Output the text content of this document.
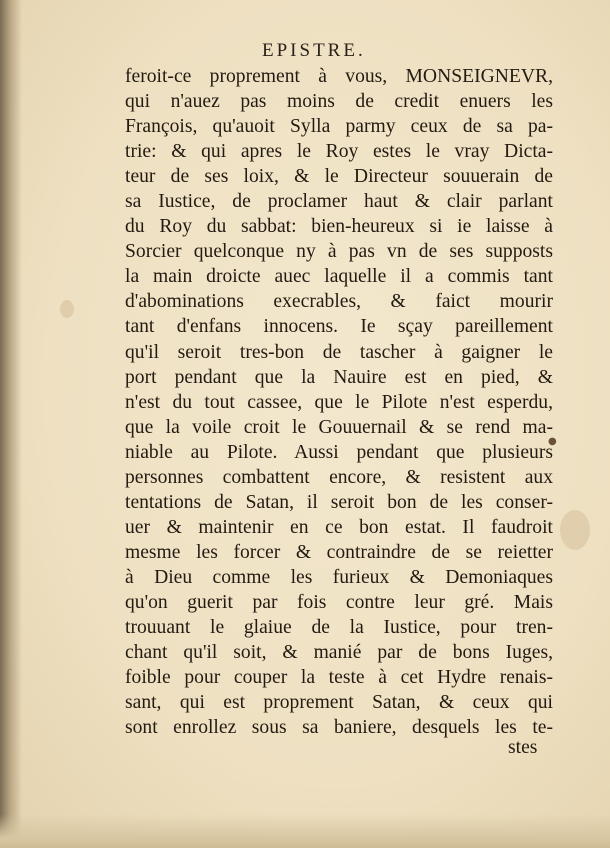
EPISTRE.
feroit-ce proprement à vous, MONSEIGNEVR,
qui n'auez pas moins de credit enuers les
François, qu'auoit Sylla parmy ceux de sa pa-
trie: & qui apres le Roy estes le vray Dicta-
teur de ses loix, & le Directeur souuerain de
sa Iustice, de proclamer haut & clair parlant
du Roy du sabbat: bien-heureux si ie laisse à
Sorcier quelconque ny à pas vn de ses supposts
la main droicte auec laquelle il a commis tant
d'abominations execrables, & faict mourir
tant d'enfans innocens. Ie sçay pareillement
qu'il seroit tres-bon de tascher à gaigner le
port pendant que la Nauire est en pied, &
n'est du tout cassee, que le Pilote n'est esperdu,
que la voile croit le Gouuernail & se rend ma-
niable au Pilote. Aussi pendant que plusieurs
personnes combattent encore, & resistent aux
tentations de Satan, il seroit bon de les conser-
uer & maintenir en ce bon estat. Il faudroit
mesme les forcer & contraindre de se reietter
à Dieu comme les furieux & Demoniaques
qu'on guerit par fois contre leur gré. Mais
trouuant le glaiue de la Iustice, pour tren-
chant qu'il soit, & manié par de bons Iuges,
foible pour couper la teste à cet Hydre renais-
sant, qui est proprement Satan, & ceux qui
sont enrollez sous sa baniere, desquels les te-
●
stes
